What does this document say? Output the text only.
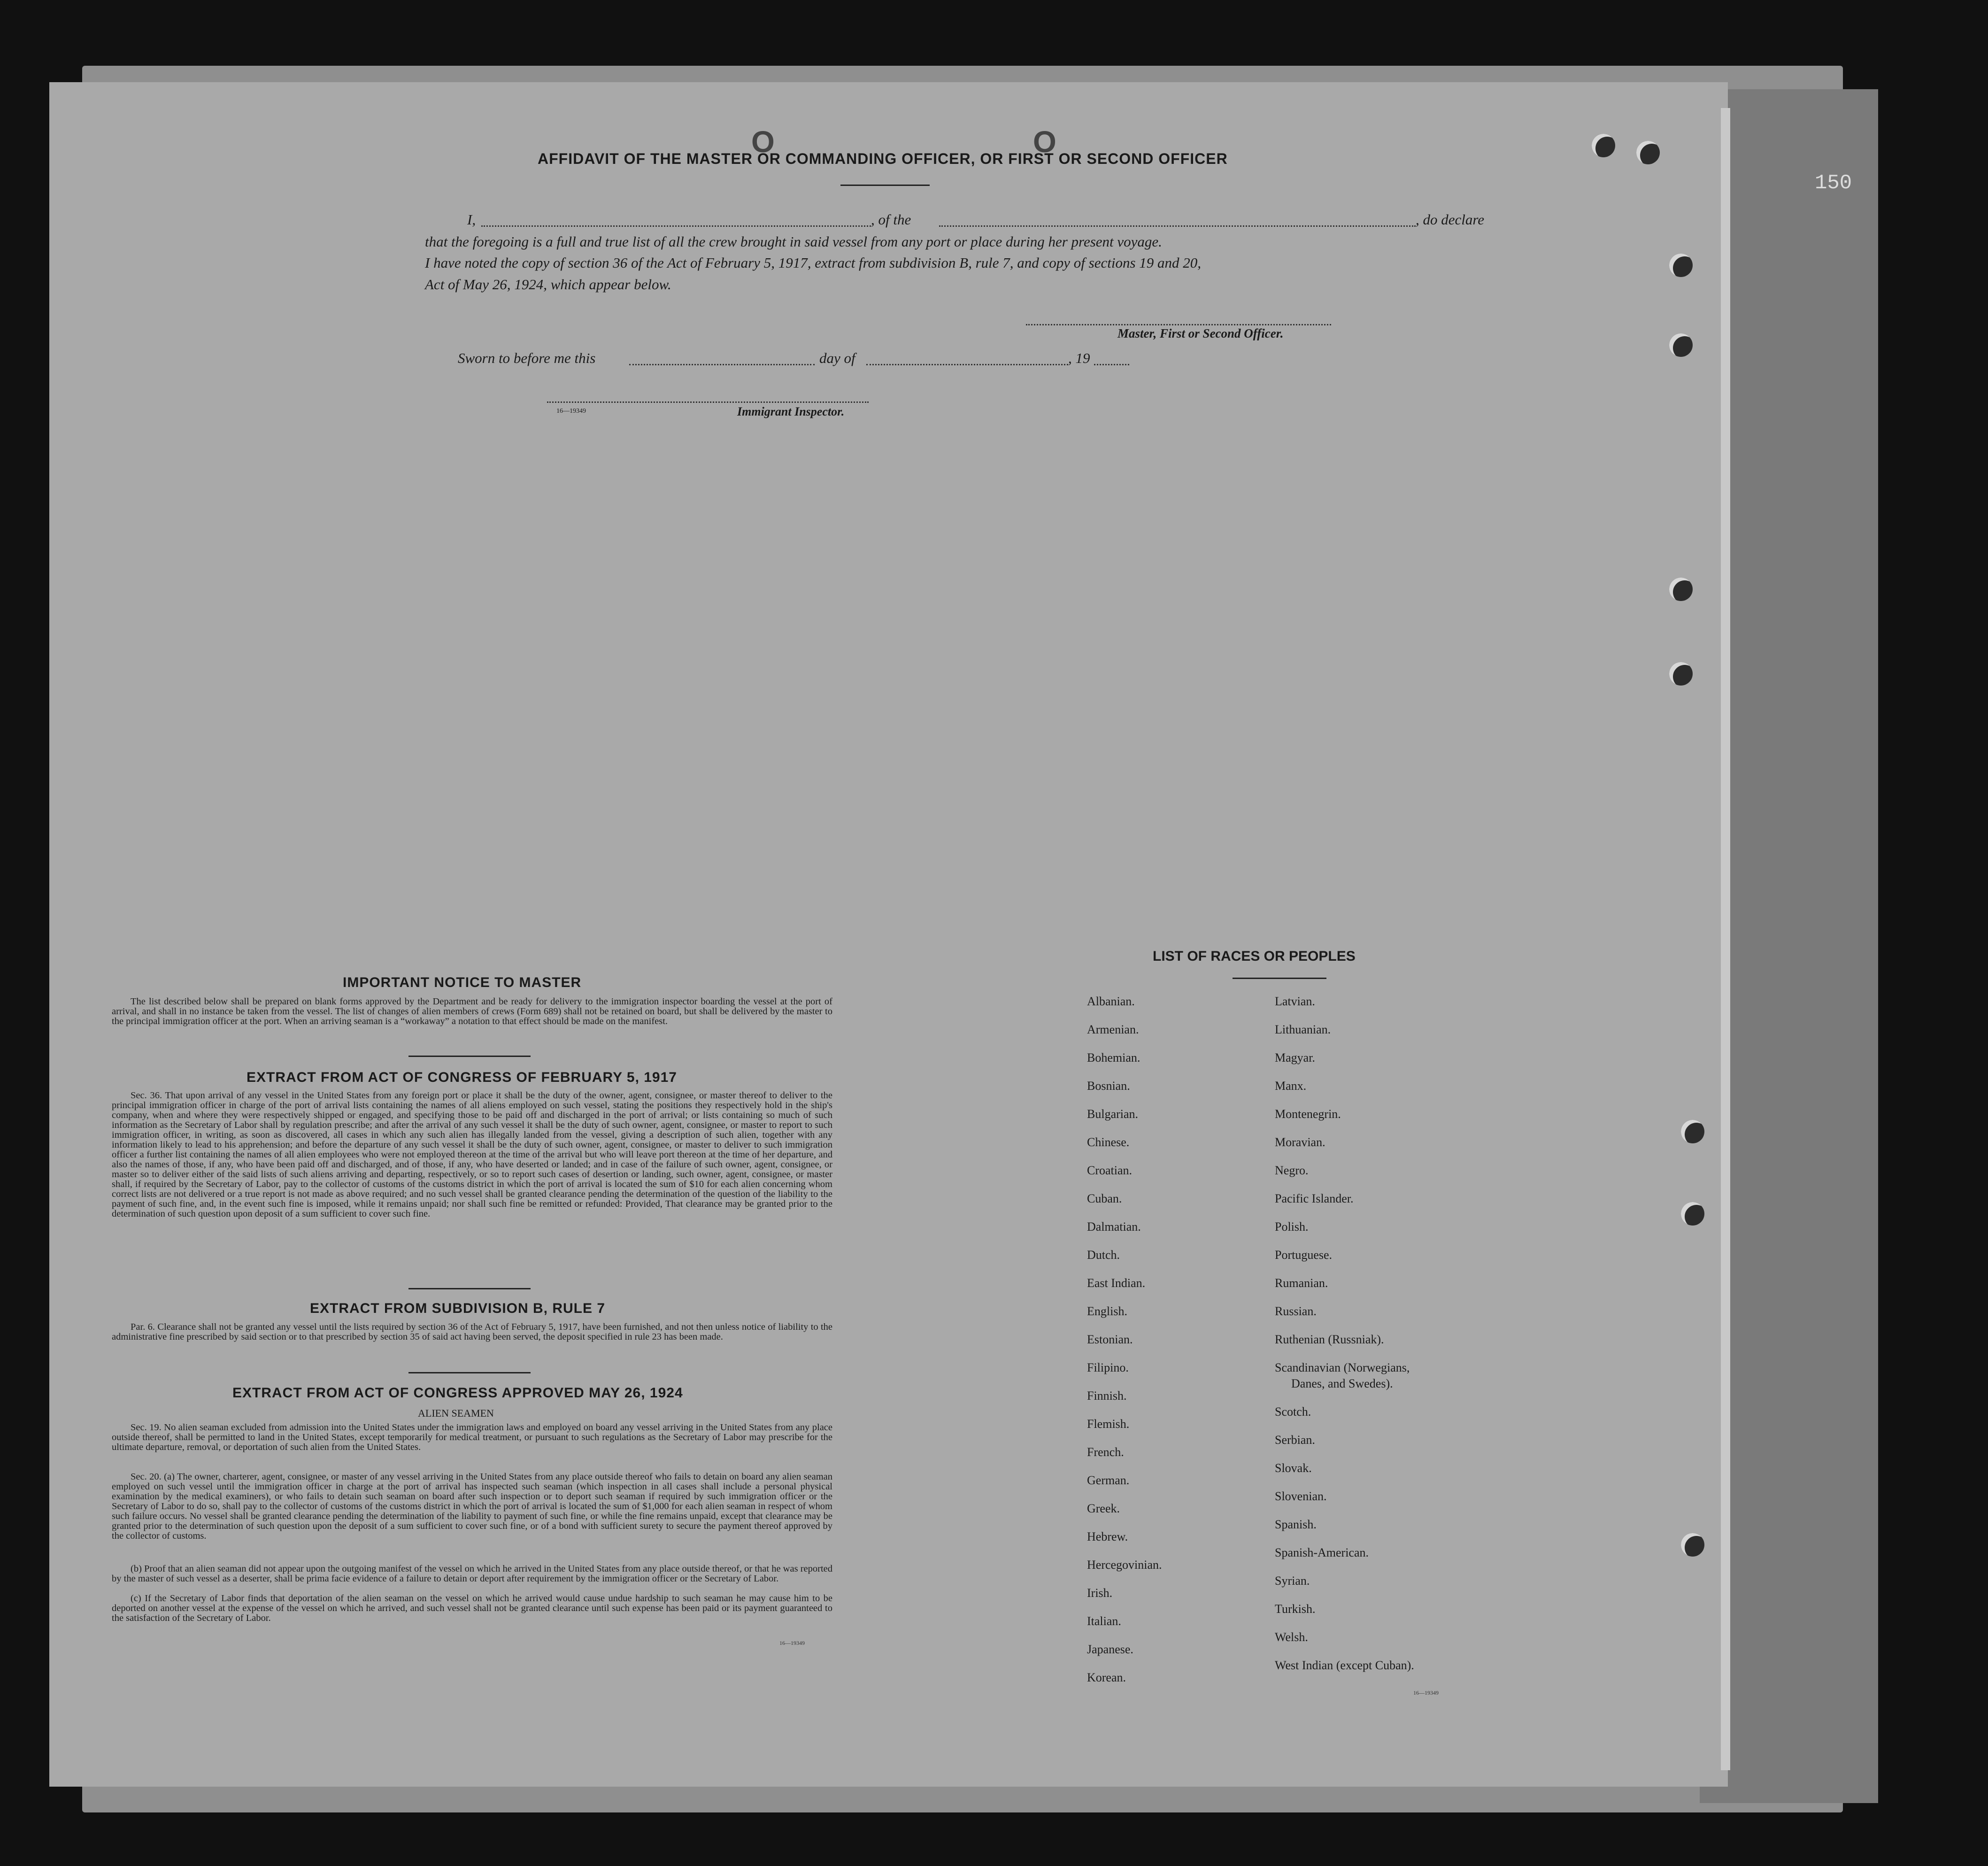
150
O	O
AFFIDAVIT OF THE MASTER OR COMMANDING OFFICER, OR FIRST OR SECOND OFFICER
I,	, of the	, do declare
that the foregoing is a full and true list of all the crew brought in said vessel from any port or place during her present voyage.
I have noted the copy of section 36 of the Act of February 5, 1917, extract from subdivision B, rule 7, and copy of sections 19 and 20,
Act of May 26, 1924, which appear below.
Master, First or Second Officer.
Sworn to before me this	day of	, 19
16—19349	Immigrant Inspector.
IMPORTANT NOTICE TO MASTER
The list described below shall be prepared on blank forms approved by the Department and be ready for delivery to the immigration inspector boarding the vessel at the port of arrival, and shall in no instance be taken from the vessel. The list of changes of alien members of crews (Form 689) shall not be retained on board, but shall be delivered by the master to the principal immigration officer at the port. When an arriving seaman is a “workaway” a notation to that effect should be made on the manifest.
EXTRACT FROM ACT OF CONGRESS OF FEBRUARY 5, 1917
Sec. 36. That upon arrival of any vessel in the United States from any foreign port or place it shall be the duty of the owner, agent, consignee, or master thereof to deliver to the principal immigration officer in charge of the port of arrival lists containing the names of all aliens employed on such vessel, stating the positions they respectively hold in the ship's company, when and where they were respectively shipped or engaged, and specifying those to be paid off and discharged in the port of arrival; or lists containing so much of such information as the Secretary of Labor shall by regulation prescribe; and after the arrival of any such vessel it shall be the duty of such owner, agent, consignee, or master to report to such immigration officer, in writing, as soon as discovered, all cases in which any such alien has illegally landed from the vessel, giving a description of such alien, together with any information likely to lead to his apprehension; and before the departure of any such vessel it shall be the duty of such owner, agent, consignee, or master to deliver to such immigration officer a further list containing the names of all alien employees who were not employed thereon at the time of the arrival but who will leave port thereon at the time of her departure, and also the names of those, if any, who have been paid off and discharged, and of those, if any, who have deserted or landed; and in case of the failure of such owner, agent, consignee, or master so to deliver either of the said lists of such aliens arriving and departing, respectively, or so to report such cases of desertion or landing, such owner, agent, consignee, or master shall, if required by the Secretary of Labor, pay to the collector of customs of the customs district in which the port of arrival is located the sum of $10 for each alien concerning whom correct lists are not delivered or a true report is not made as above required; and no such vessel shall be granted clearance pending the determination of the question of the liability to the payment of such fine, and, in the event such fine is imposed, while it remains unpaid; nor shall such fine be remitted or refunded: Provided, That clearance may be granted prior to the determination of such question upon deposit of a sum sufficient to cover such fine.
EXTRACT FROM SUBDIVISION B, RULE 7
Par. 6. Clearance shall not be granted any vessel until the lists required by section 36 of the Act of February 5, 1917, have been furnished, and not then unless notice of liability to the administrative fine prescribed by said section or to that prescribed by section 35 of said act having been served, the deposit specified in rule 23 has been made.
EXTRACT FROM ACT OF CONGRESS APPROVED MAY 26, 1924
ALIEN SEAMEN
Sec. 19. No alien seaman excluded from admission into the United States under the immigration laws and employed on board any vessel arriving in the United States from any place outside thereof, shall be permitted to land in the United States, except temporarily for medical treatment, or pursuant to such regulations as the Secretary of Labor may prescribe for the ultimate departure, removal, or deportation of such alien from the United States.
Sec. 20. (a) The owner, charterer, agent, consignee, or master of any vessel arriving in the United States from any place outside thereof who fails to detain on board any alien seaman employed on such vessel until the immigration officer in charge at the port of arrival has inspected such seaman (which inspection in all cases shall include a personal physical examination by the medical examiners), or who fails to detain such seaman on board after such inspection or to deport such seaman if required by such immigration officer or the Secretary of Labor to do so, shall pay to the collector of customs of the customs district in which the port of arrival is located the sum of $1,000 for each alien seaman in respect of whom such failure occurs. No vessel shall be granted clearance pending the determination of the liability to payment of such fine, or while the fine remains unpaid, except that clearance may be granted prior to the determination of such question upon the deposit of a sum sufficient to cover such fine, or of a bond with sufficient surety to secure the payment thereof approved by the collector of customs.
(b) Proof that an alien seaman did not appear upon the outgoing manifest of the vessel on which he arrived in the United States from any place outside thereof, or that he was reported by the master of such vessel as a deserter, shall be prima facie evidence of a failure to detain or deport after requirement by the immigration officer or the Secretary of Labor.
(c) If the Secretary of Labor finds that deportation of the alien seaman on the vessel on which he arrived would cause undue hardship to such seaman he may cause him to be deported on another vessel at the expense of the vessel on which he arrived, and such vessel shall not be granted clearance until such expense has been paid or its payment guaranteed to the satisfaction of the Secretary of Labor.
16—19349
LIST OF RACES OR PEOPLES
Albanian.
Armenian.
Bohemian.
Bosnian.
Bulgarian.
Chinese.
Croatian.
Cuban.
Dalmatian.
Dutch.
East Indian.
English.
Estonian.
Filipino.
Finnish.
Flemish.
French.
German.
Greek.
Hebrew.
Hercegovinian.
Irish.
Italian.
Japanese.
Korean.
Latvian.
Lithuanian.
Magyar.
Manx.
Montenegrin.
Moravian.
Negro.
Pacific Islander.
Polish.
Portuguese.
Rumanian.
Russian.
Ruthenian (Russniak).
Scandinavian (Norwegians,
Danes, and Swedes).
Scotch.
Serbian.
Slovak.
Slovenian.
Spanish.
Spanish-American.
Syrian.
Turkish.
Welsh.
West Indian (except Cuban).
16—19349
